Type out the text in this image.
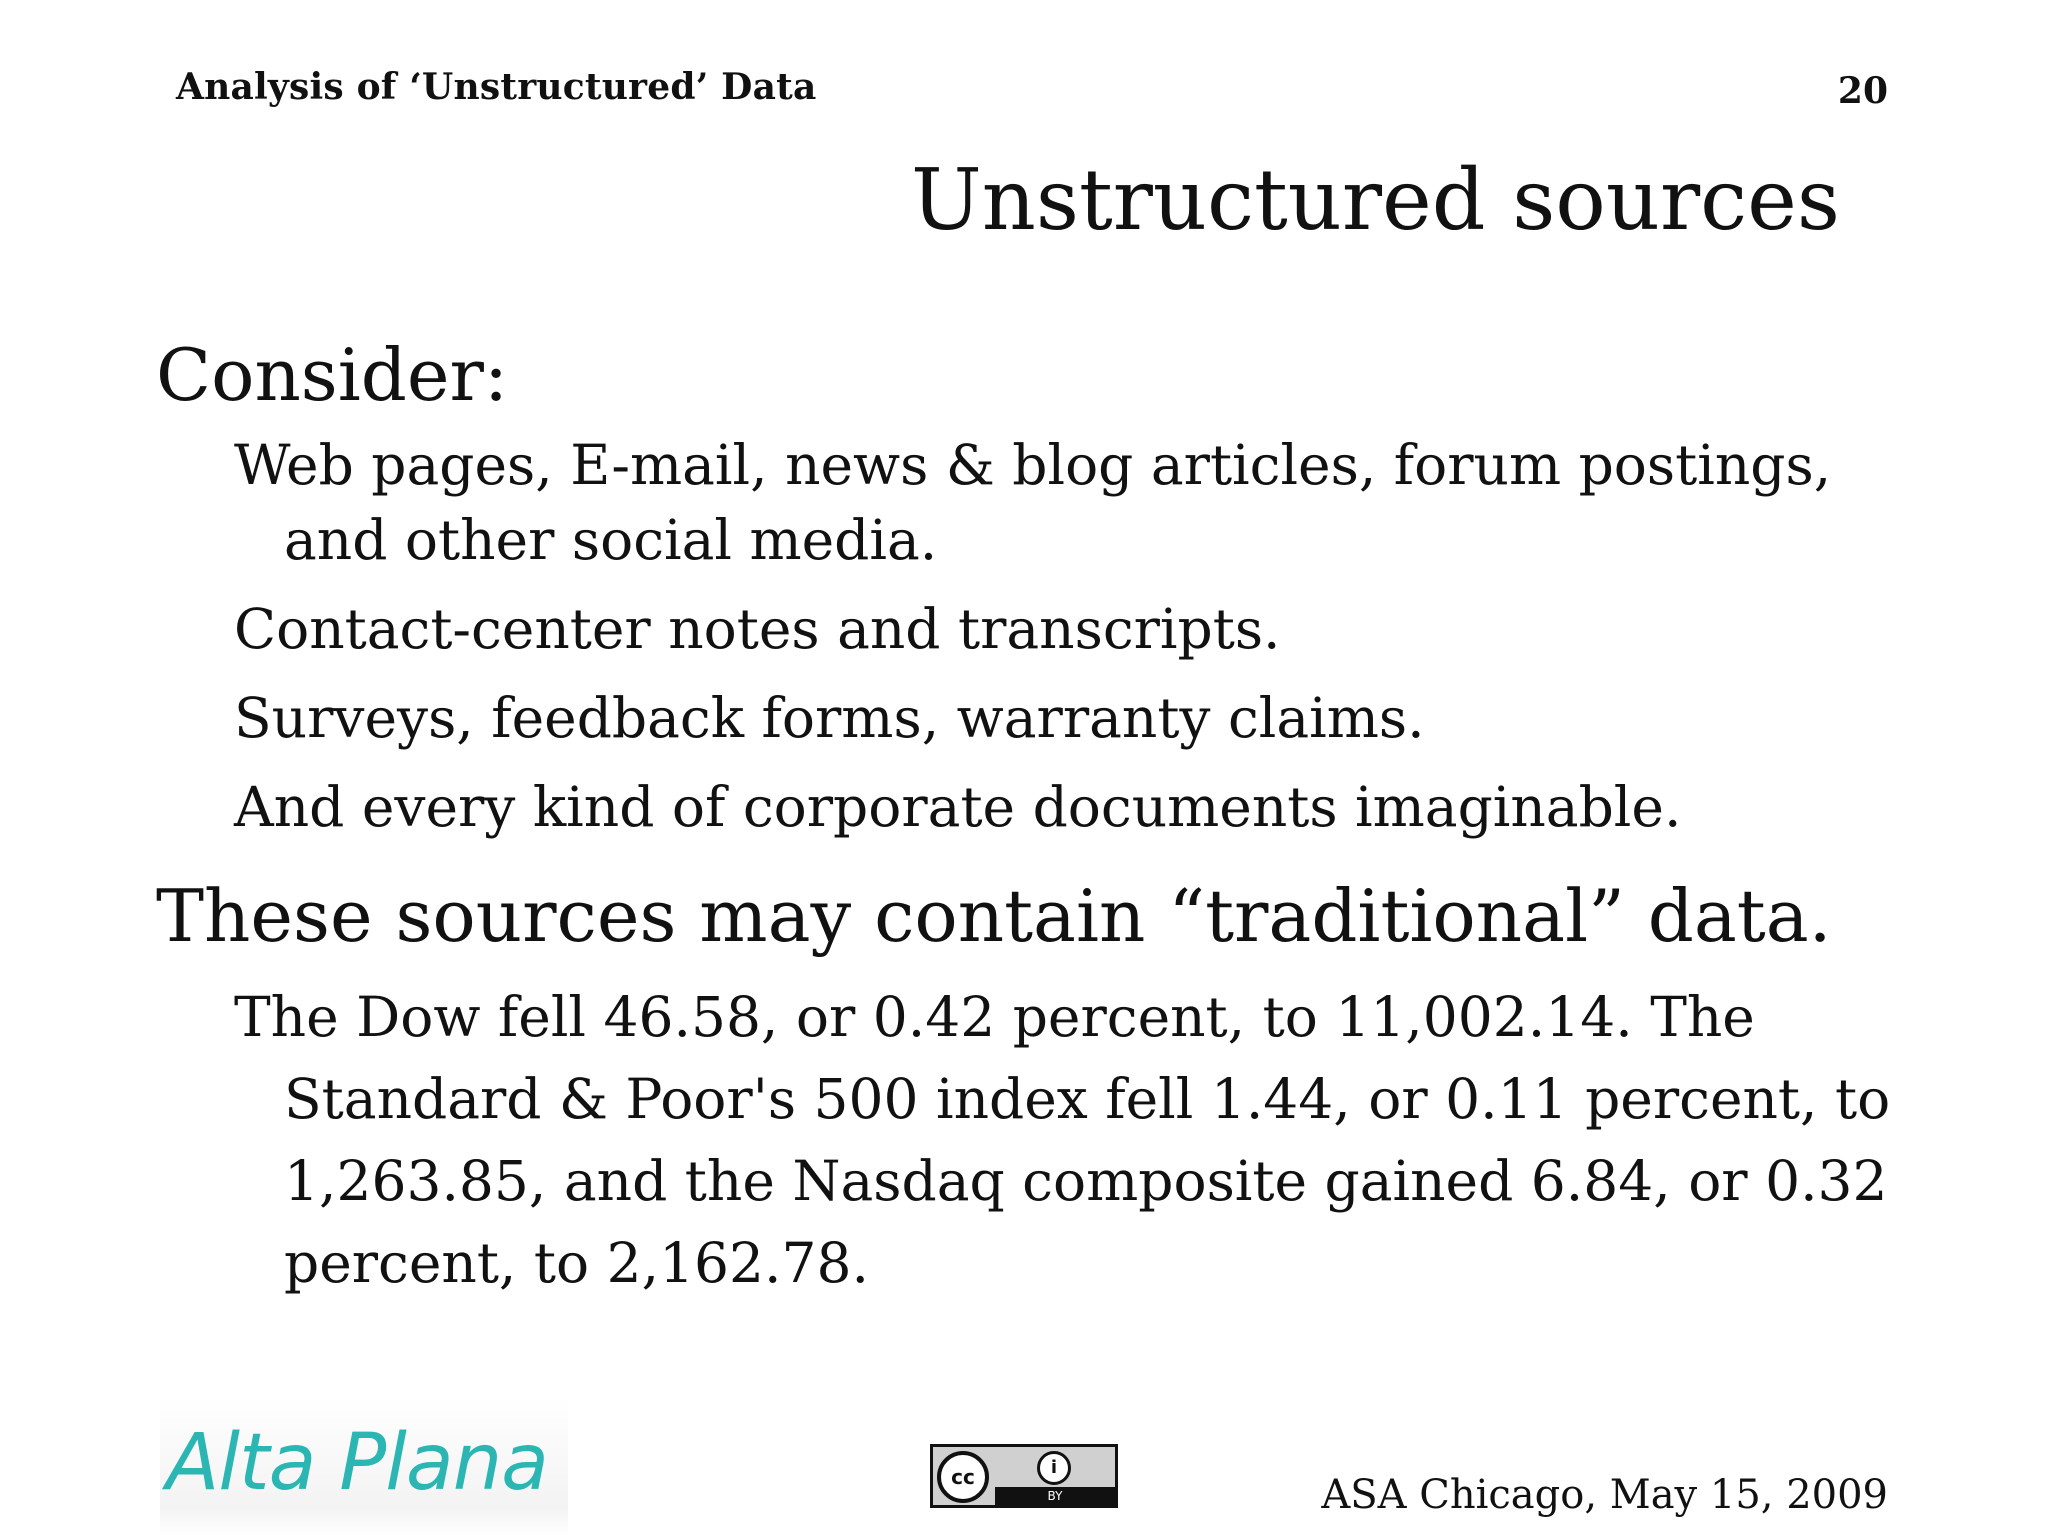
Analysis of ‘Unstructured’ Data	20
Unstructured sources

Consider:

Web pages, E-mail, news & blog articles, forum postings, and other social media.

Contact-center notes and transcripts.

Surveys, feedback forms, warranty claims.

And every kind of corporate documents imaginable.

These sources may contain “traditional” data.

The Dow fell 46.58, or 0.42 percent, to 11,002.14. The Standard & Poor's 500 index fell 1.44, or 0.11 percent, to 1,263.85, and the Nasdaq composite gained 6.84, or 0.32 percent, to 2,162.78.

Alta Plana	cc	i
BY	ASA Chicago, May 15, 2009
